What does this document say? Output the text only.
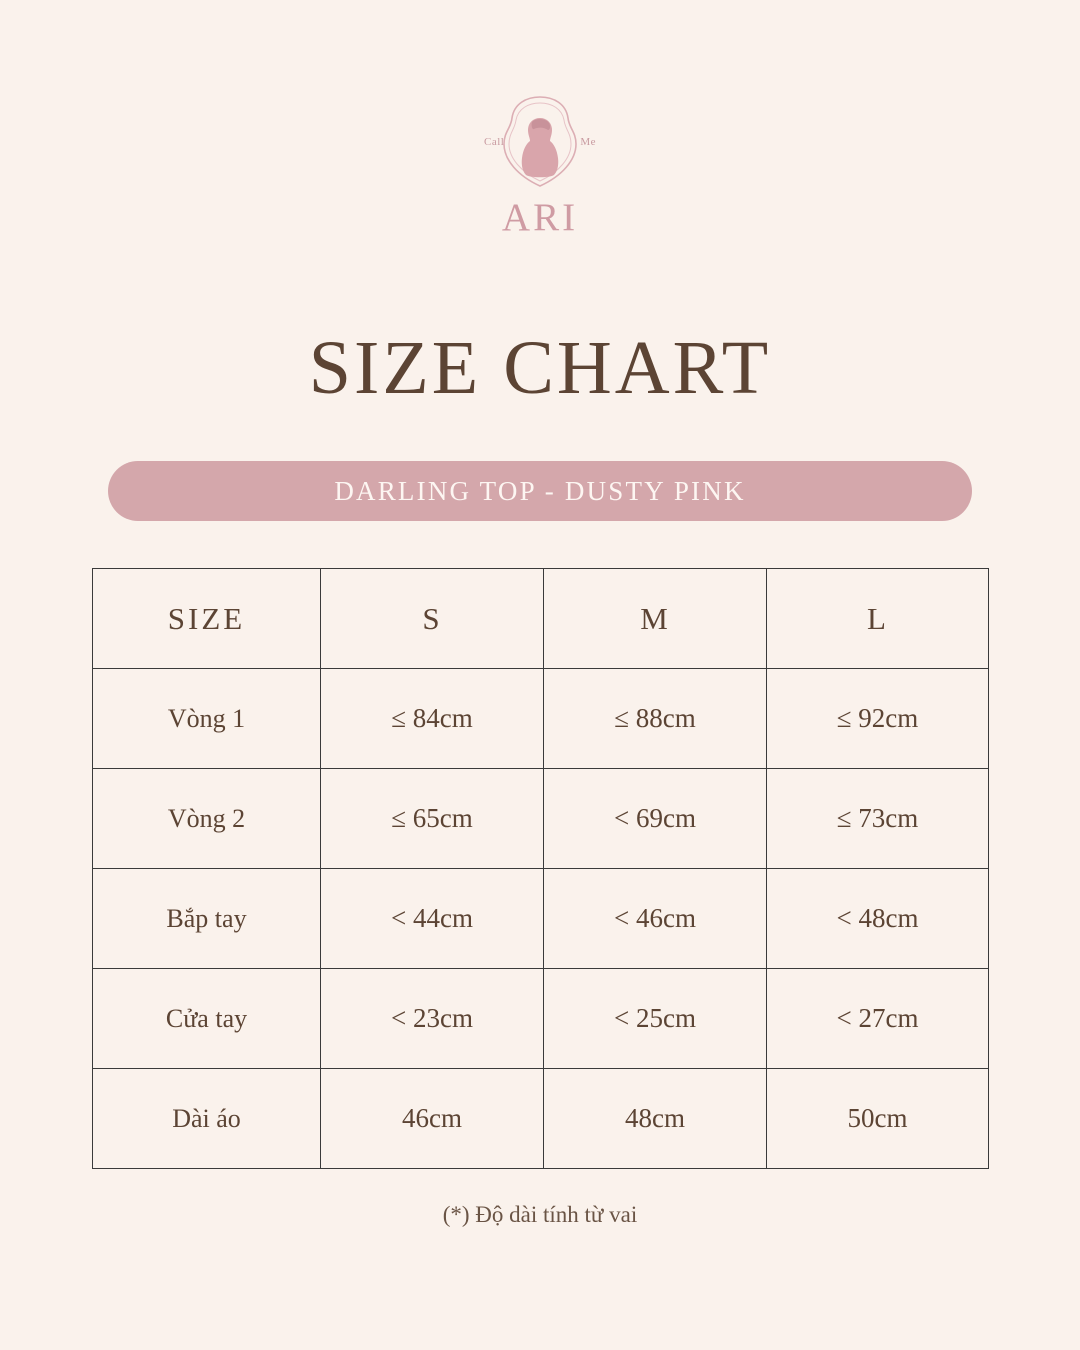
Call	Me
ARI
SIZE CHART
DARLING TOP - DUSTY PINK
SIZE	S	M	L
Vòng 1	≤ 84cm	≤ 88cm	≤ 92cm
Vòng 2	≤ 65cm	< 69cm	≤ 73cm
Bắp tay	< 44cm	< 46cm	< 48cm
Cửa tay	< 23cm	< 25cm	< 27cm
Dài áo	46cm	48cm	50cm
(*) Độ dài tính từ vai
